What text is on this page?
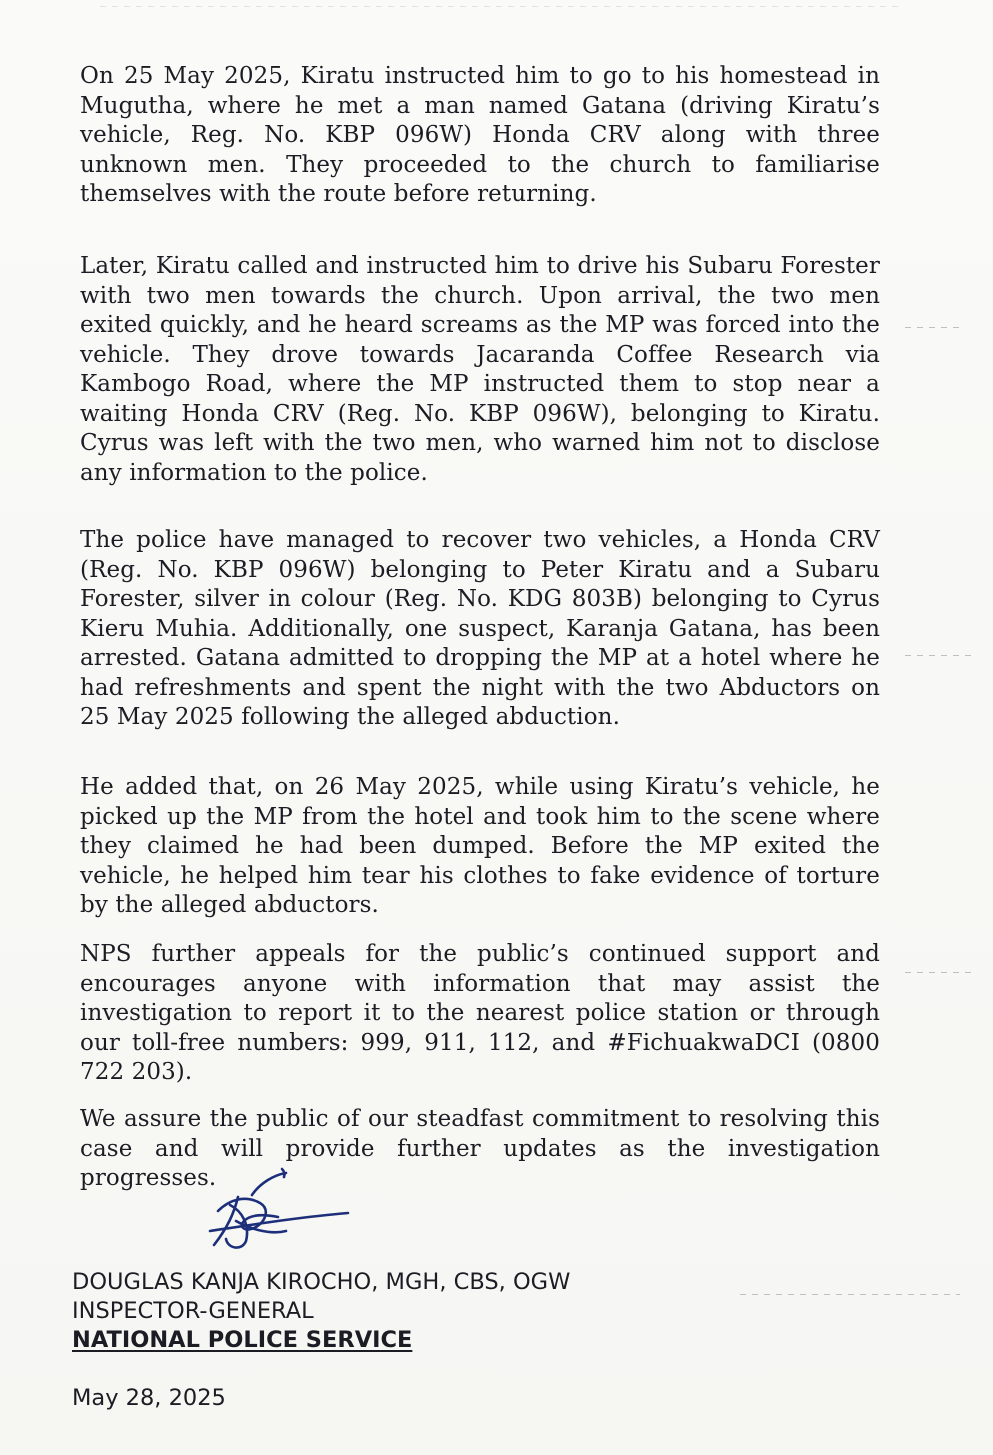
On 25 May 2025, Kiratu instructed him to go to his homestead in Mugutha, where he met a man named Gatana (driving Kiratu’s vehicle, Reg. No. KBP 096W) Honda CRV along with three unknown men. They proceeded to the church to familiarise themselves with the route before returning.

Later, Kiratu called and instructed him to drive his Subaru Forester with two men towards the church. Upon arrival, the two men exited quickly, and he heard screams as the MP was forced into the vehicle. They drove towards Jacaranda Coffee Research via Kambogo Road, where the MP instructed them to stop near a waiting Honda CRV (Reg. No. KBP 096W), belonging to Kiratu. Cyrus was left with the two men, who warned him not to disclose any information to the police.

The police have managed to recover two vehicles, a Honda CRV (Reg. No. KBP 096W) belonging to Peter Kiratu and a Subaru Forester, silver in colour (Reg. No. KDG 803B) belonging to Cyrus Kieru Muhia. Additionally, one suspect, Karanja Gatana, has been arrested. Gatana admitted to dropping the MP at a hotel where he had refreshments and spent the night with the two Abductors on 25 May 2025 following the alleged abduction.

He added that, on 26 May 2025, while using Kiratu’s vehicle, he picked up the MP from the hotel and took him to the scene where they claimed he had been dumped. Before the MP exited the vehicle, he helped him tear his clothes to fake evidence of torture by the alleged abductors.

NPS further appeals for the public’s continued support and encourages anyone with information that may assist the investigation to report it to the nearest police station or through our toll-free numbers: 999, 911, 112, and #FichuakwaDCI (0800 722 203).

We assure the public of our steadfast commitment to resolving this case and will provide further updates as the investigation progresses.

DOUGLAS KANJA KIROCHO, MGH, CBS, OGW
INSPECTOR-GENERAL
NATIONAL POLICE SERVICE
May 28, 2025
